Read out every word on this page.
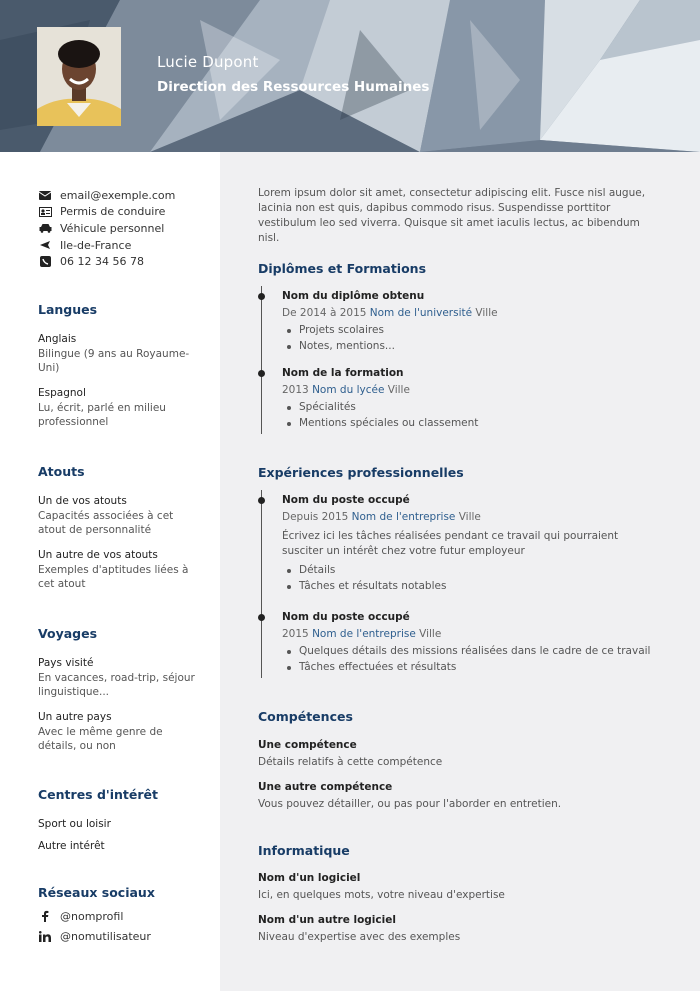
Lucie Dupont
Direction des Ressources Humaines
email@exemple.com
Permis de conduire
Véhicule personnel
Ile-de-France
06 12 34 56 78
Langues
Anglais
Bilingue (9 ans au Royaume-Uni)
Espagnol
Lu, écrit, parlé en milieu professionnel
Atouts
Un de vos atouts
Capacités associées à cet atout de personnalité
Un autre de vos atouts
Exemples d'aptitudes liées à cet atout
Voyages
Pays visité
En vacances, road-trip, séjour linguistique...
Un autre pays
Avec le même genre de détails, ou non
Centres d'intérêt
Sport ou loisir
Autre intérêt
Réseaux sociaux
@nomprofil
@nomutilisateur
Lorem ipsum dolor sit amet, consectetur adipiscing elit. Fusce nisl augue, lacinia non est quis, dapibus commodo risus. Suspendisse porttitor vestibulum leo sed viverra. Quisque sit amet iaculis lectus, ac bibendum nisl.
Diplômes et Formations
Nom du diplôme obtenu
De 2014 à 2015 Nom de l'université Ville
Projets scolaires
Notes, mentions...
Nom de la formation
2013 Nom du lycée Ville
Spécialités
Mentions spéciales ou classement
Expériences professionnelles
Nom du poste occupé
Depuis 2015 Nom de l'entreprise Ville
Écrivez ici les tâches réalisées pendant ce travail qui pourraient susciter un intérêt chez votre futur employeur
Détails
Tâches et résultats notables
Nom du poste occupé
2015 Nom de l'entreprise Ville
Quelques détails des missions réalisées dans le cadre de ce travail
Tâches effectuées et résultats
Compétences
Une compétence
Détails relatifs à cette compétence
Une autre compétence
Vous pouvez détailler, ou pas pour l'aborder en entretien.
Informatique
Nom d'un logiciel
Ici, en quelques mots, votre niveau d'expertise
Nom d'un autre logiciel
Niveau d'expertise avec des exemples
